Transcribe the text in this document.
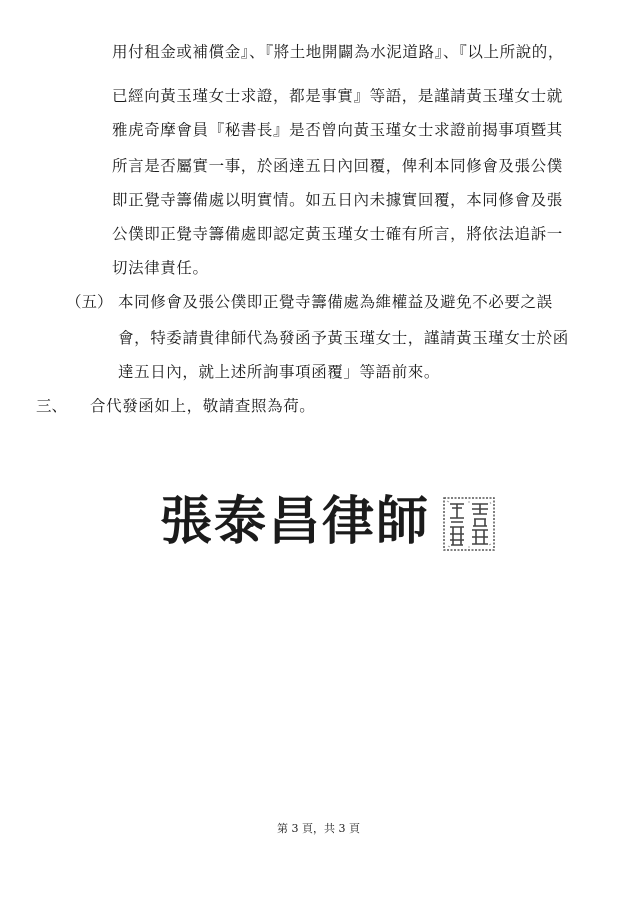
用付租金或補償金』、『將土地開闢為水泥道路』、『以上所說的，
已經向黃玉瑾女士求證，都是事實』等語，是謹請黃玉瑾女士就
雅虎奇摩會員『秘書長』是否曾向黃玉瑾女士求證前揭事項暨其
所言是否屬實一事，於函達五日內回覆，俾利本同修會及張公僕
即正覺寺籌備處以明實情。如五日內未據實回覆，本同修會及張
公僕即正覺寺籌備處即認定黃玉瑾女士確有所言，將依法追訴一
切法律責任。
（五） 本同修會及張公僕即正覺寺籌備處為維權益及避免不必要之誤
會，特委請貴律師代為發函予黃玉瑾女士，謹請黃玉瑾女士於函
達五日內，就上述所詢事項函覆」等語前來。
三、 合代發函如上，敬請查照為荷。
張泰昌律師
第 3 頁，共 3 頁
